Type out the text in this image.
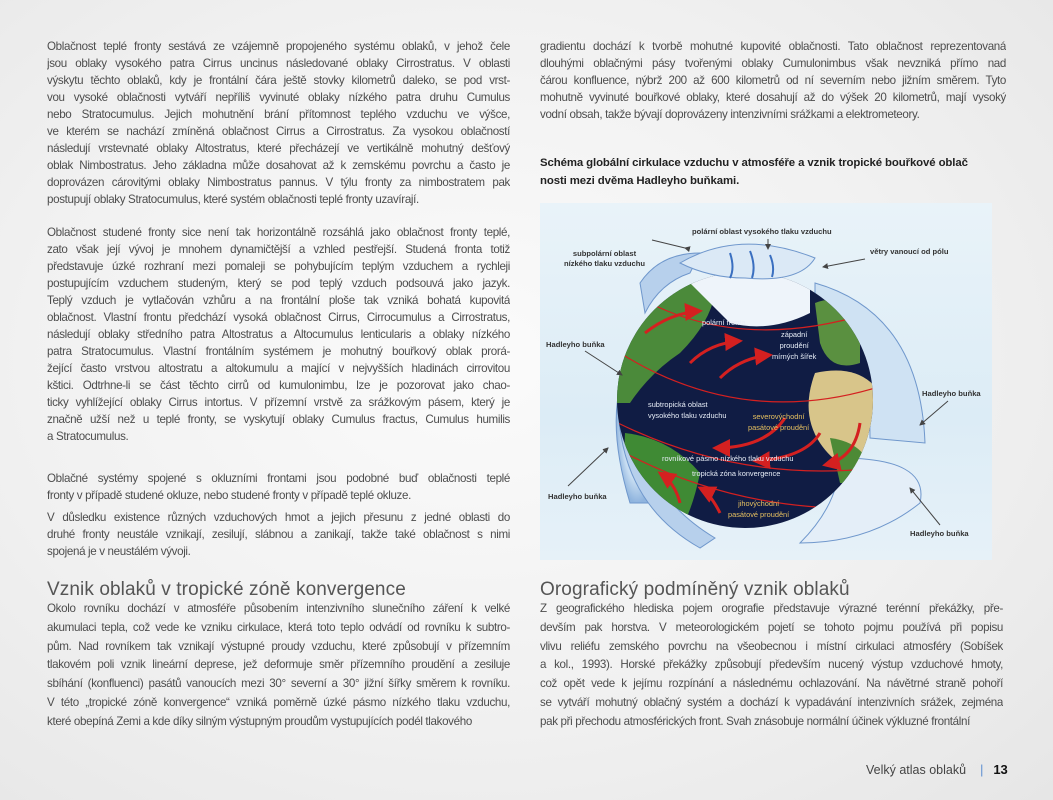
Oblačnost teplé fronty sestává ze vzájemně propojeného systému oblaků, v jehož čele
jsou oblaky vysokého patra Cirrus uncinus následované oblaky Cirrostratus. V oblasti
výskytu těchto oblaků, kdy je frontální čára ještě stovky kilometrů daleko, se pod vrst-
vou vysoké oblačnosti vytváří nepříliš vyvinuté oblaky nízkého patra druhu Cumulus
nebo Stratocumulus. Jejich mohutnění brání přítomnost teplého vzduchu ve výšce,
ve kterém se nachází zmíněná oblačnost Cirrus a Cirrostratus. Za vysokou oblačností
následují vrstevnaté oblaky Altostratus, které přecházejí ve vertikálně mohutný dešťový
oblak Nimbostratus. Jeho základna může dosahovat až k zemskému povrchu a často je
doprovázen cárovitými oblaky Nimbostratus pannus. V týlu fronty za nimbostratem pak
postupují oblaky Stratocumulus, které systém oblačnosti teplé fronty uzavírají.
Oblačnost studené fronty sice není tak horizontálně rozsáhlá jako oblačnost fronty teplé,
zato však její vývoj je mnohem dynamičtější a vzhled pestřejší. Studená fronta totiž
představuje úzké rozhraní mezi pomaleji se pohybujícím teplým vzduchem a rychleji
postupujícím vzduchem studeným, který se pod teplý vzduch podsouvá jako jazyk.
Teplý vzduch je vytlačován vzhůru a na frontální ploše tak vzniká bohatá kupovitá
oblačnost. Vlastní frontu předchází vysoká oblačnost Cirrus, Cirrocumulus a Cirrostratus,
následují oblaky středního patra Altostratus a Altocumulus lenticularis a oblaky nízkého
patra Stratocumulus. Vlastní frontálním systémem je mohutný bouřkový oblak prorá-
žející často vrstvou altostratu a altokumulu a mající v nejvyšších hladinách cirrovitou
kštici. Odtrhne-li se část těchto cirrů od kumulonimbu, lze je pozorovat jako chao-
ticky vyhlížející oblaky Cirrus intortus. V přízemní vrstvě za srážkovým pásem, který je
značně užší než u teplé fronty, se vyskytují oblaky Cumulus fractus, Cumulus humilis
a Stratocumulus.
Oblačné systémy spojené s okluzními frontami jsou podobné buď oblačnosti teplé
fronty v případě studené okluze, nebo studené fronty v případě teplé okluze.
V důsledku existence různých vzduchových hmot a jejich přesunu z jedné oblasti do
druhé fronty neustále vznikají, zesilují, slábnou a zanikají, takže také oblačnost s nimi
spojená je v neustálém vývoji.
Vznik oblaků v tropické zóně konvergence
Okolo rovníku dochází v atmosféře působením intenzivního slunečního záření k velké
akumulaci tepla, což vede ke vzniku cirkulace, která toto teplo odvádí od rovníku k subtro-
pům. Nad rovníkem tak vznikají výstupné proudy vzduchu, které způsobují v přízemním
tlakovém poli vznik lineární deprese, jež deformuje směr přízemního proudění a zesiluje
sbíhání (konfluenci) pasátů vanoucích mezi 30° severní a 30° jižní šířky směrem k rovníku.
V této „tropické zóně konvergence“ vzniká poměrně úzké pásmo nízkého tlaku vzduchu,
které obepíná Zemi a kde díky silným výstupným proudům vystupujících podél tlakového
gradientu dochází k tvorbě mohutné kupovité oblačnosti. Tato oblačnost reprezentovaná
dlouhými oblačnými pásy tvořenými oblaky Cumulonimbus však nevzniká přímo nad
čárou konfluence, nýbrž 200 až 600 kilometrů od ní severním nebo jižním směrem. Tyto
mohutně vyvinuté bouřkové oblaky, které dosahují až do výšek 20 kilometrů, mají vysoký
vodní obsah, takže bývají doprovázeny intenzivními srážkami a elektrometeory.
Schéma globální cirkulace vzduchu v atmosféře a vznik tropické bouřkové oblač nosti mezi dvěma Hadleyho buňkami.
polární oblast vysokého tlaku vzduchu
subpolární oblast
nízkého tlaku vzduchu
větry vanoucí od pólu
Hadleyho buňka
Hadleyho buňka
Hadleyho buňka
Hadleyho buňka
polární fronta
západní
proudění
mírných šířek
subtropická oblast
vysokého tlaku vzduchu	severovýchodní
pasátové proudění
rovníkové pásmo nízkého tlaku vzduchu
tropická zóna konvergence
jihovýchodní
pasátové proudění
Orografický podmíněný vznik oblaků
Z geografického hlediska pojem orografie představuje výrazné terénní překážky, pře-
devším pak horstva. V meteorologickém pojetí se tohoto pojmu používá při popisu
vlivu reliéfu zemského povrchu na všeobecnou i místní cirkulaci atmosféry (Sobíšek
a kol., 1993). Horské překážky způsobují především nucený výstup vzduchové hmoty,
což opět vede k jejímu rozpínání a následnému ochlazování. Na návětrné straně pohoří
se vytváří mohutný oblačný systém a dochází k vypadávání intenzivních srážek, zejména
pak při přechodu atmosférických front. Svah znásobuje normální účinek výkluzné frontální
Velký atlas oblaků | 13
